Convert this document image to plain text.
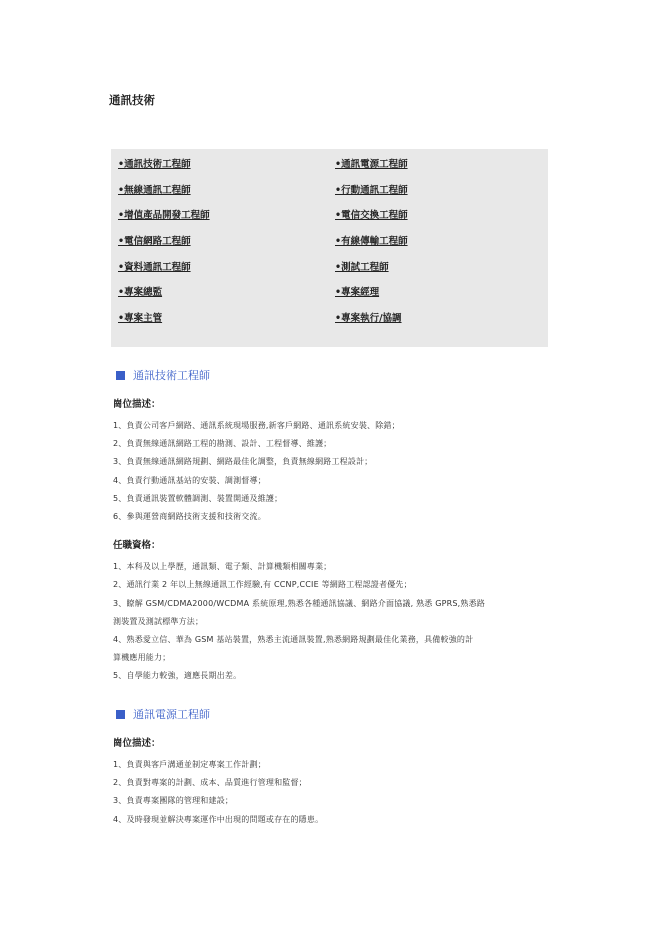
通訊技術
•通訊技術工程師
•無線通訊工程師
•增值產品開發工程師
•電信網路工程師
•資料通訊工程師
•專案總監
•專案主管
•通訊電源工程師
•行動通訊工程師
•電信交換工程師
•有線傳輸工程師
•測試工程師
•專案經理
•專案執行/協調
通訊技術工程師
崗位描述：
1、負責公司客戶網路、通訊系統現場服務,新客戶網路、通訊系統安裝、除錯；
2、負責無線通訊網路工程的勘測、設計、工程督導、維護；
3、負責無線通訊網路規劃、網路最佳化調整，負責無線網路工程設計；
4、負責行動通訊基站的安裝、調測督導；
5、負責通訊裝置軟體調測、裝置開通及維護；
6、參與運營商網路技術支援和技術交流。
任職資格：
1、本科及以上學歷，通訊類、電子類、計算機類相關專業；
2、通訊行業 2 年以上無線通訊工作經驗,有 CCNP,CCIE 等網路工程認證者優先；
3、瞭解 GSM/CDMA2000/WCDMA 系統原理,熟悉各種通訊協議、網路介面協議, 熟悉 GPRS,熟悉路
測裝置及測試標準方法；
4、熟悉愛立信、華為 GSM 基站裝置，熟悉主流通訊裝置,熟悉網路規劃最佳化業務，具備較強的計
算機應用能力；
5、自學能力較強，適應長期出差。
通訊電源工程師
崗位描述：
1、負責與客戶溝通並制定專案工作計劃；
2、負責對專案的計劃、成本、品質進行管理和監督；
3、負責專案團隊的管理和建設；
4、及時發現並解決專案運作中出現的問題或存在的隱患。
